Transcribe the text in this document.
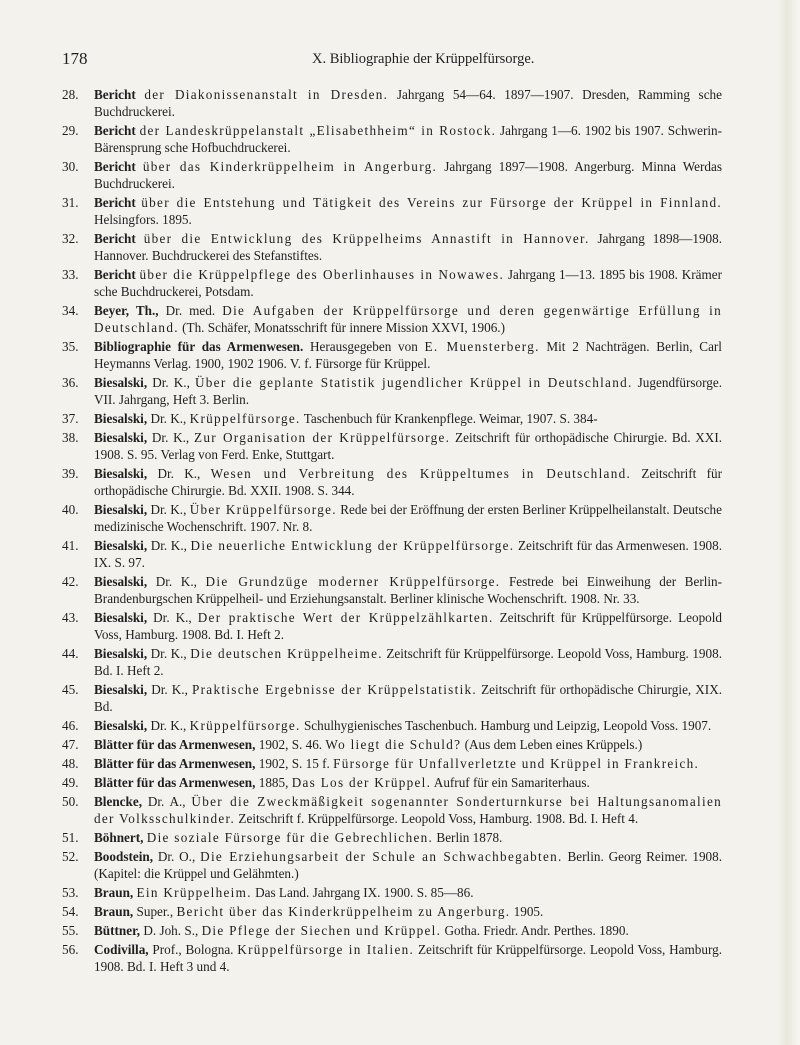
178	X. Bibliographie der Krüppelfürsorge.
28. Bericht der Diakonissenanstalt in Dresden. Jahrgang 54—64. 1897—1907. Dresden, Ramming sche Buchdruckerei.
29. Bericht der Landeskrüppelanstalt „Elisabethheim“ in Rostock. Jahrgang 1—6. 1902 bis 1907. Schwerin-Bärensprung sche Hofbuchdruckerei.
30. Bericht über das Kinderkrüppelheim in Angerburg. Jahrgang 1897—1908. Angerburg. Minna Werdas Buchdruckerei.
31. Bericht über die Entstehung und Tätigkeit des Vereins zur Fürsorge der Krüppel in Finnland. Helsingfors. 1895.
32. Bericht über die Entwicklung des Krüppelheims Annastift in Hannover. Jahrgang 1898—1908. Hannover. Buchdruckerei des Stefanstiftes.
33. Bericht über die Krüppelpflege des Oberlinhauses in Nowawes. Jahrgang 1—13. 1895 bis 1908. Krämer sche Buchdruckerei, Potsdam.
34. Beyer, Th., Dr. med. Die Aufgaben der Krüppelfürsorge und deren gegenwärtige Erfüllung in Deutschland. (Th. Schäfer, Monatsschrift für innere Mission XXVI, 1906.)
35. Bibliographie für das Armenwesen. Herausgegeben von E. Muensterberg. Mit 2 Nachträgen. Berlin, Carl Heymanns Verlag. 1900, 1902 1906. V. f. Fürsorge für Krüppel.
36. Biesalski, Dr. K., Über die geplante Statistik jugendlicher Krüppel in Deutschland. Jugendfürsorge. VII. Jahrgang, Heft 3. Berlin.
37. Biesalski, Dr. K., Krüppelfürsorge. Taschenbuch für Krankenpflege. Weimar, 1907. S. 384-
38. Biesalski, Dr. K., Zur Organisation der Krüppelfürsorge. Zeitschrift für orthopädische Chirurgie. Bd. XXI. 1908. S. 95. Verlag von Ferd. Enke, Stuttgart.
39. Biesalski, Dr. K., Wesen und Verbreitung des Krüppeltumes in Deutschland. Zeitschrift für orthopädische Chirurgie. Bd. XXII. 1908. S. 344.
40. Biesalski, Dr. K., Über Krüppelfürsorge. Rede bei der Eröffnung der ersten Berliner Krüppelheilanstalt. Deutsche medizinische Wochenschrift. 1907. Nr. 8.
41. Biesalski, Dr. K., Die neuerliche Entwicklung der Krüppelfürsorge. Zeitschrift für das Armenwesen. 1908. IX. S. 97.
42. Biesalski, Dr. K., Die Grundzüge moderner Krüppelfürsorge. Festrede bei Einweihung der Berlin-Brandenburgschen Krüppelheil- und Erziehungsanstalt. Berliner klinische Wochenschrift. 1908. Nr. 33.
43. Biesalski, Dr. K., Der praktische Wert der Krüppelzählkarten. Zeitschrift für Krüppelfürsorge. Leopold Voss, Hamburg. 1908. Bd. I. Heft 2.
44. Biesalski, Dr. K., Die deutschen Krüppelheime. Zeitschrift für Krüppelfürsorge. Leopold Voss, Hamburg. 1908. Bd. I. Heft 2.
45. Biesalski, Dr. K., Praktische Ergebnisse der Krüppelstatistik. Zeitschrift für orthopädische Chirurgie, XIX. Bd.
46. Biesalski, Dr. K., Krüppelfürsorge. Schulhygienisches Taschenbuch. Hamburg und Leipzig, Leopold Voss. 1907.
47. Blätter für das Armenwesen, 1902, S. 46. Wo liegt die Schuld? (Aus dem Leben eines Krüppels.)
48. Blätter für das Armenwesen, 1902, S. 15 f. Fürsorge für Unfallverletzte und Krüppel in Frankreich.
49. Blätter für das Armenwesen, 1885, Das Los der Krüppel. Aufruf für ein Samariterhaus.
50. Blencke, Dr. A., Über die Zweckmäßigkeit sogenannter Sonderturnkurse bei Haltungsanomalien der Volksschulkinder. Zeitschrift f. Krüppelfürsorge. Leopold Voss, Hamburg. 1908. Bd. I. Heft 4.
51. Böhnert, Die soziale Fürsorge für die Gebrechlichen. Berlin 1878.
52. Boodstein, Dr. O., Die Erziehungsarbeit der Schule an Schwachbegabten. Berlin. Georg Reimer. 1908. (Kapitel: die Krüppel und Gelähmten.)
53. Braun, Ein Krüppelheim. Das Land. Jahrgang IX. 1900. S. 85—86.
54. Braun, Super., Bericht über das Kinderkrüppelheim zu Angerburg. 1905.
55. Büttner, D. Joh. S., Die Pflege der Siechen und Krüppel. Gotha. Friedr. Andr. Perthes. 1890.
56. Codivilla, Prof., Bologna. Krüppelfürsorge in Italien. Zeitschrift für Krüppelfürsorge. Leopold Voss, Hamburg. 1908. Bd. I. Heft 3 und 4.
